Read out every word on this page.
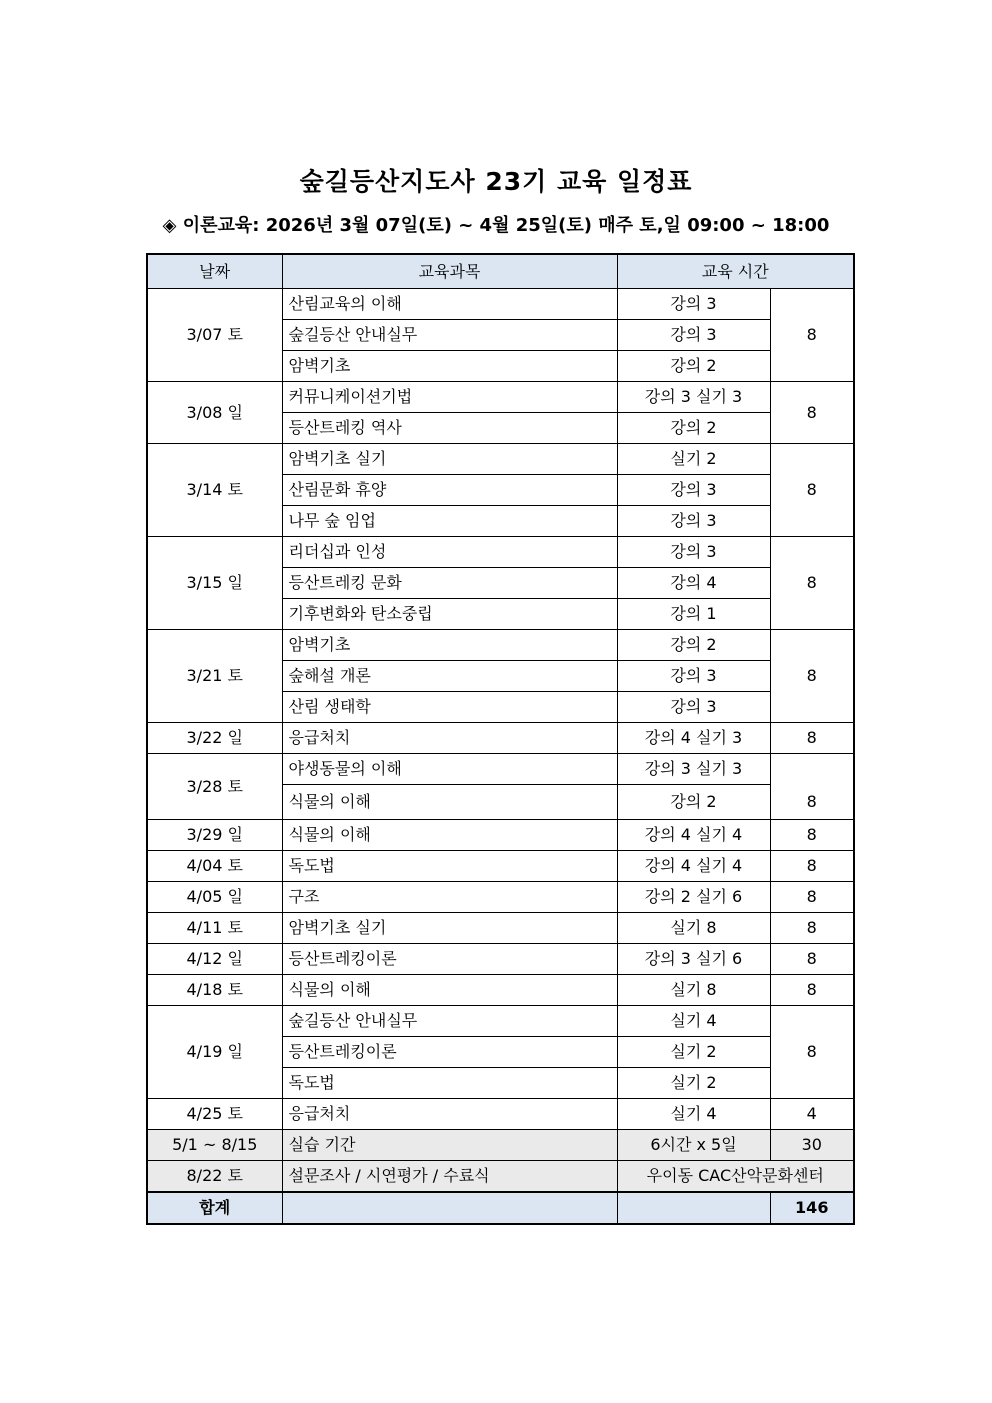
숲길등산지도사 23기 교육 일정표
◈ 이론교육: 2026년 3월 07일(토) ~ 4월 25일(토) 매주 토,일 09:00 ~ 18:00
날짜	교육과목	교육 시간	
3/07 토	산림교육의 이해	강의 3	8
	숲길등산 안내실무	강의 3	
	암벽기초	강의 2	
3/08 일	커뮤니케이션기법	강의 3 실기 3	8
	등산트레킹 역사	강의 2	
3/14 토	암벽기초 실기	실기 2	8
	산림문화 휴양	강의 3	
	나무 숲 임업	강의 3	
3/15 일	리더십과 인성	강의 3	8
	등산트레킹 문화	강의 4	
	기후변화와 탄소중립	강의 1	
3/21 토	암벽기초	강의 2	8
	숲해설 개론	강의 3	
	산림 생태학	강의 3	
3/22 일	응급처치	강의 4 실기 3	8
3/28 토	야생동물의 이해	강의 3 실기 3	8
	식물의 이해	강의 2	
3/29 일	식물의 이해	강의 4 실기 4	8
4/04 토	독도법	강의 4 실기 4	8
4/05 일	구조	강의 2 실기 6	8
4/11 토	암벽기초 실기	실기 8	8
4/12 일	등산트레킹이론	강의 3 실기 6	8
4/18 토	식물의 이해	실기 8	8
4/19 일	숲길등산 안내실무	실기 4	8
	등산트레킹이론	실기 2	
	독도법	실기 2	
4/25 토	응급처치	실기 4	4
5/1 ~ 8/15	실습 기간	6시간 x 5일	30
8/22 토	설문조사 / 시연평가 / 수료식	우이동 CAC산악문화센터	
합계			146
